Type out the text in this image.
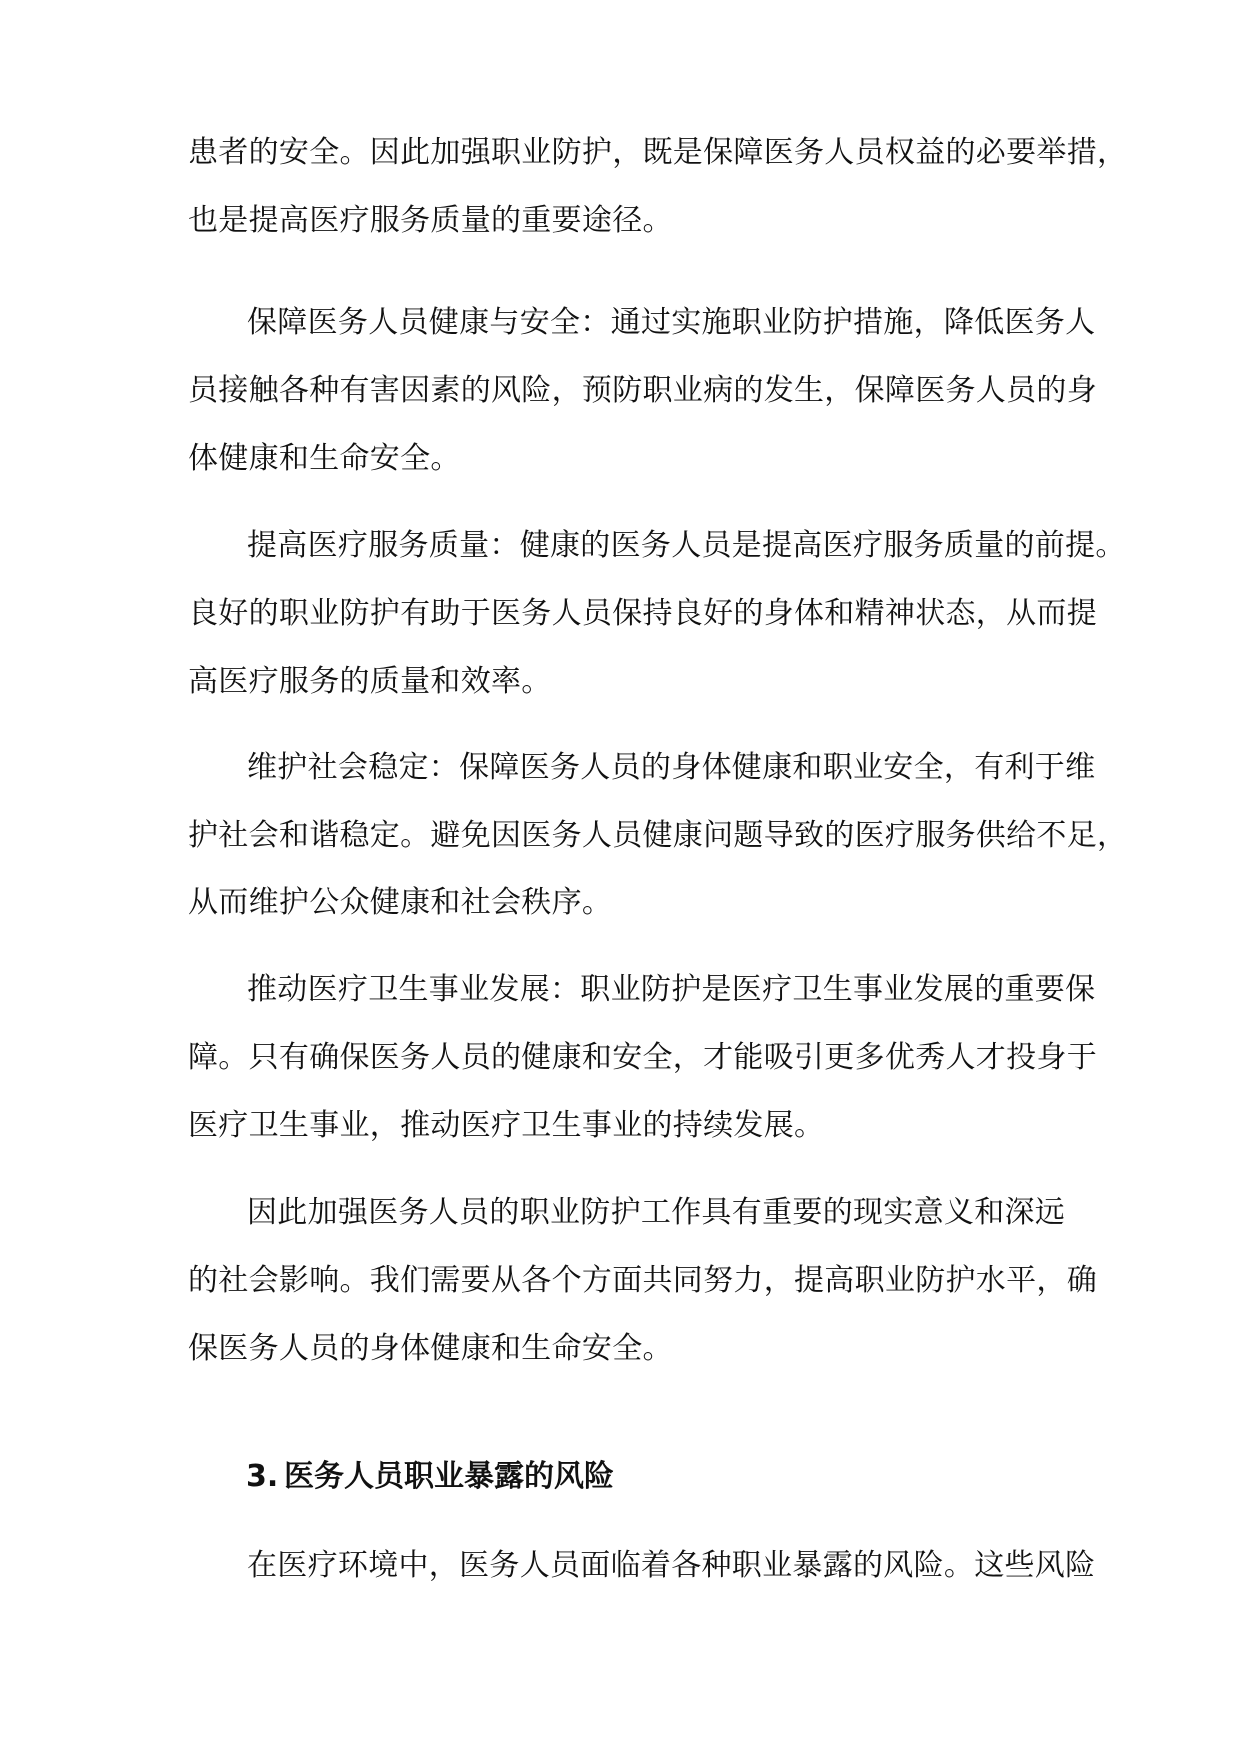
患者的安全。因此加强职业防护，既是保障医务人员权益的必要举措，
也是提高医疗服务质量的重要途径。
保障医务人员健康与安全：通过实施职业防护措施，降低医务人
员接触各种有害因素的风险，预防职业病的发生，保障医务人员的身
体健康和生命安全。
提高医疗服务质量：健康的医务人员是提高医疗服务质量的前提。
良好的职业防护有助于医务人员保持良好的身体和精神状态，从而提
高医疗服务的质量和效率。
维护社会稳定：保障医务人员的身体健康和职业安全，有利于维
护社会和谐稳定。避免因医务人员健康问题导致的医疗服务供给不足，
从而维护公众健康和社会秩序。
推动医疗卫生事业发展：职业防护是医疗卫生事业发展的重要保
障。只有确保医务人员的健康和安全，才能吸引更多优秀人才投身于
医疗卫生事业，推动医疗卫生事业的持续发展。
因此加强医务人员的职业防护工作具有重要的现实意义和深远
的社会影响。我们需要从各个方面共同努力，提高职业防护水平，确
保医务人员的身体健康和生命安全。
3. 医务人员职业暴露的风险
在医疗环境中，医务人员面临着各种职业暴露的风险。这些风险
